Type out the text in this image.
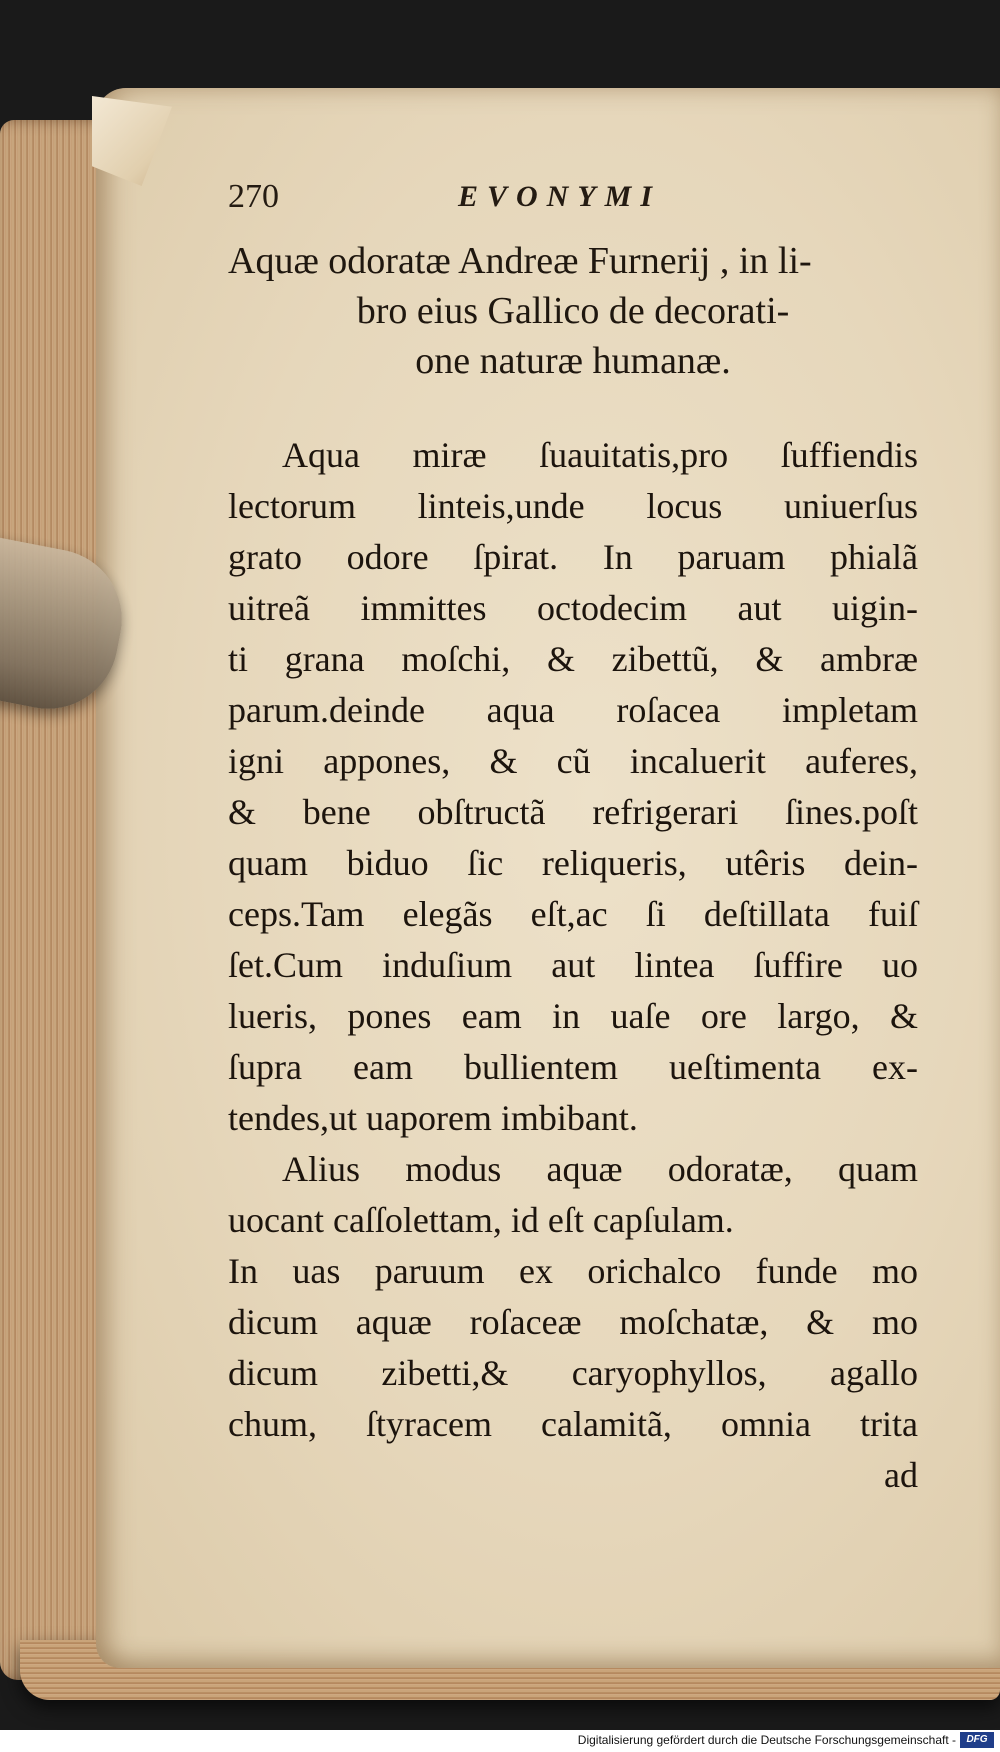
270	EVONYMI
Aquæ odoratæ Andreæ Furnerij , in li-
bro eius Gallico de decorati-
one naturæ humanæ.
Aqua miræ ſuauitatis,pro ſuffiendis
lectorum linteis,unde locus uniuerſus
grato odore ſpirat. In paruam phialã
uitreã immittes octodecim aut uigin-
ti grana moſchi, & zibettũ, & ambræ
parum.deinde aqua roſacea impletam
igni appones, & cũ incaluerit auferes,
& bene obſtructã refrigerari ſines.poſt
quam biduo ſic reliqueris, utêris dein-
ceps.Tam elegãs eſt,ac ſi deſtillata fuiſ
ſet.Cum induſium aut lintea ſuffire uo
lueris, pones eam in uaſe ore largo, &
ſupra eam bullientem ueſtimenta ex-
tendes,ut uaporem imbibant.
Alius modus aquæ odoratæ, quam
uocant caſſolettam, id eſt capſulam.
In uas paruum ex orichalco funde mo
dicum aquæ roſaceæ moſchatæ, & mo
dicum zibetti,& caryophyllos, agallo
chum, ſtyracem calamitã, omnia trita
ad
Digitalisierung gefördert durch die Deutsche Forschungsgemeinschaft -	DFG
